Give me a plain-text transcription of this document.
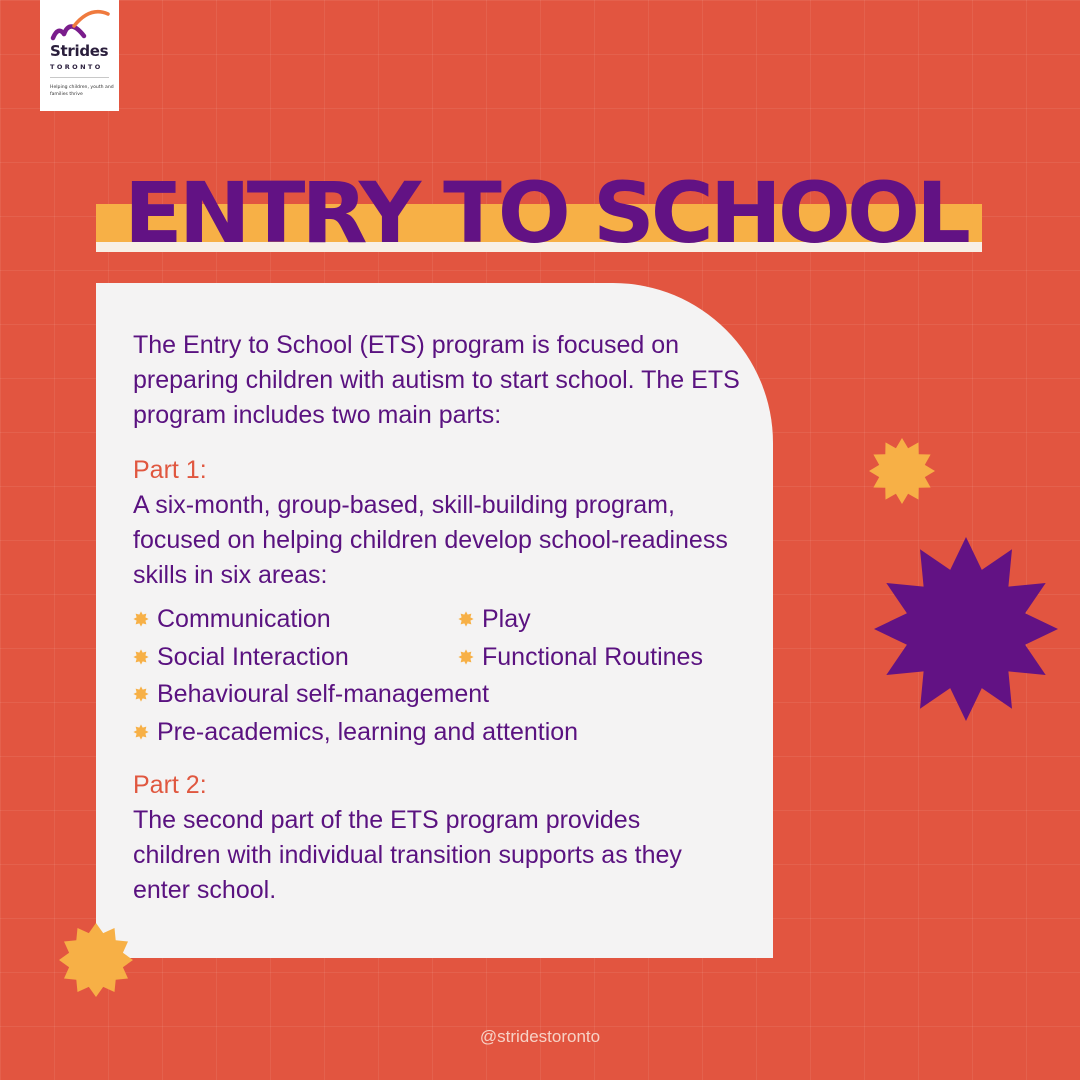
Strides
TORONTO
Helping children, youth and families thrive
ENTRY TO SCHOOL

The Entry to School (ETS) program is focused on preparing children with autism to start school. The ETS program includes two main parts:

Part 1:

A six-month, group-based, skill-building program, focused on helping children develop school-readiness skills in six areas:

Communication	Play

Social Interaction	Functional Routines

Behavioural self-management

Pre-academics, learning and attention

Part 2:

The second part of the ETS program provides children with individual transition supports as they enter school.

@stridestoronto
